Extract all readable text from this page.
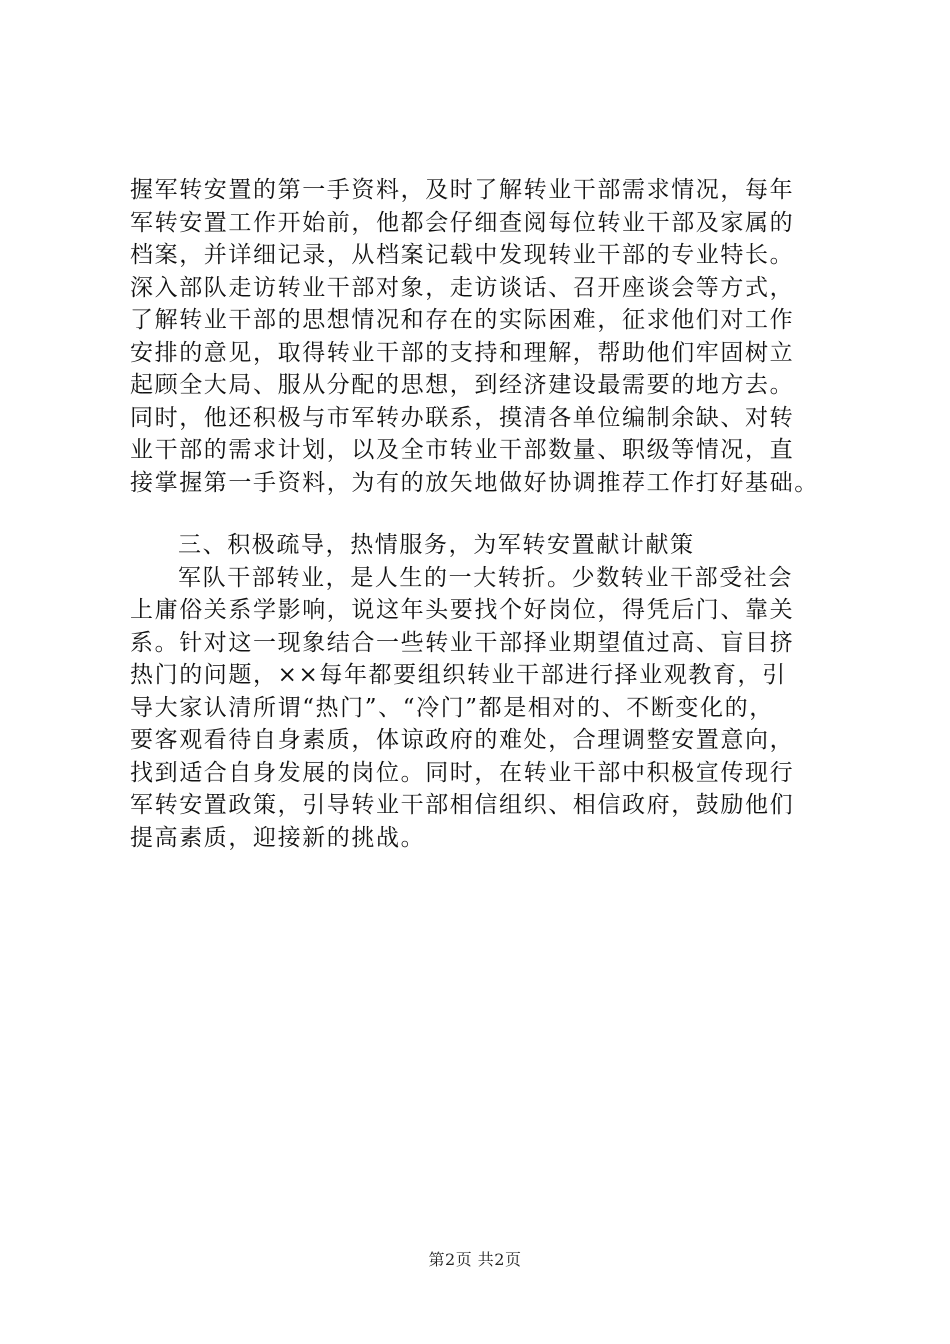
握军转安置的第一手资料，及时了解转业干部需求情况，每年
军转安置工作开始前，他都会仔细查阅每位转业干部及家属的
档案，并详细记录，从档案记载中发现转业干部的专业特长。
深入部队走访转业干部对象，走访谈话、召开座谈会等方式，
了解转业干部的思想情况和存在的实际困难，征求他们对工作
安排的意见，取得转业干部的支持和理解，帮助他们牢固树立
起顾全大局、服从分配的思想，到经济建设最需要的地方去。
同时，他还积极与市军转办联系，摸清各单位编制余缺、对转
业干部的需求计划，以及全市转业干部数量、职级等情况，直
接掌握第一手资料，为有的放矢地做好协调推荐工作打好基础。
三、积极疏导，热情服务，为军转安置献计献策
军队干部转业，是人生的一大转折。少数转业干部受社会
上庸俗关系学影响，说这年头要找个好岗位，得凭后门、靠关
系。针对这一现象结合一些转业干部择业期望值过高、盲目挤
热门的问题，××每年都要组织转业干部进行择业观教育，引
导大家认清所谓“热门”、“冷门”都是相对的、不断变化的，
要客观看待自身素质，体谅政府的难处，合理调整安置意向，
找到适合自身发展的岗位。同时，在转业干部中积极宣传现行
军转安置政策，引导转业干部相信组织、相信政府，鼓励他们
提高素质，迎接新的挑战。
第2页 共2页
